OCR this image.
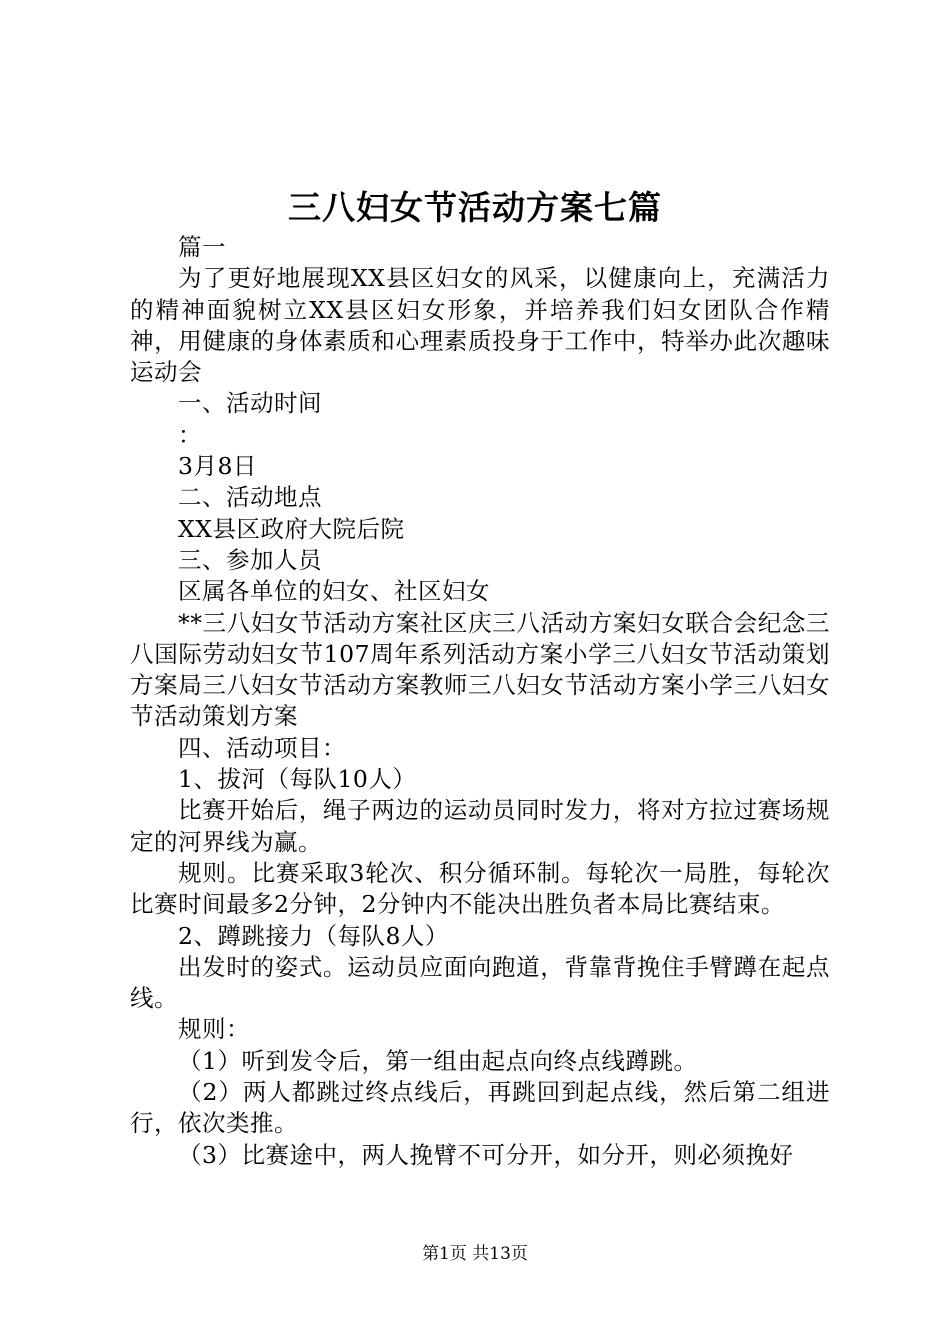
三八妇女节活动方案七篇

篇一

为了更好地展现XX县区妇女的风采，以健康向上，充满活力的精神面貌树立XX县区妇女形象，并培养我们妇女团队合作精神，用健康的身体素质和心理素质投身于工作中，特举办此次趣味运动会

一、活动时间

：

3月8日

二、活动地点

XX县区政府大院后院

三、参加人员

区属各单位的妇女、社区妇女

**三八妇女节活动方案社区庆三八活动方案妇女联合会纪念三八国际劳动妇女节107周年系列活动方案小学三八妇女节活动策划方案局三八妇女节活动方案教师三八妇女节活动方案小学三八妇女节活动策划方案

四、活动项目：

1、拔河（每队10人）

比赛开始后，绳子两边的运动员同时发力，将对方拉过赛场规定的河界线为赢。

规则。比赛采取3轮次、积分循环制。每轮次一局胜，每轮次比赛时间最多2分钟，2分钟内不能决出胜负者本局比赛结束。

2、蹲跳接力（每队8人）

出发时的姿式。运动员应面向跑道，背靠背挽住手臂蹲在起点线。

规则：

（1）听到发令后，第一组由起点向终点线蹲跳。

（2）两人都跳过终点线后，再跳回到起点线，然后第二组进行，依次类推。

（3）比赛途中，两人挽臂不可分开，如分开，则必须挽好

第1页 共13页
